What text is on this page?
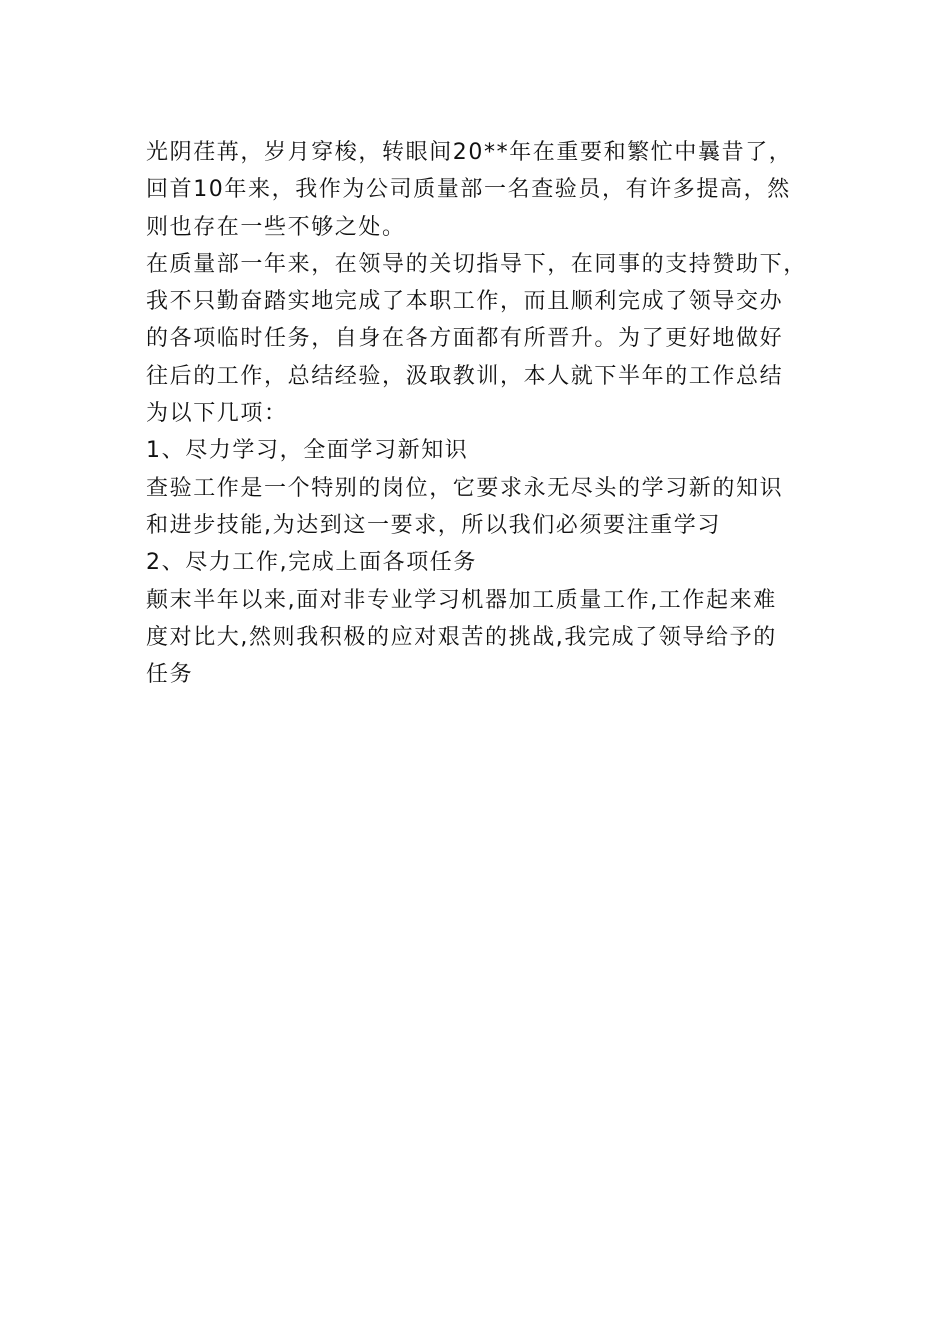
光阴荏苒，岁月穿梭，转眼间20**年在重要和繁忙中曩昔了，
回首10年来，我作为公司质量部一名查验员，有许多提高，然
则也存在一些不够之处。
在质量部一年来，在领导的关切指导下，在同事的支持赞助下，
我不只勤奋踏实地完成了本职工作，而且顺利完成了领导交办
的各项临时任务，自身在各方面都有所晋升。为了更好地做好
往后的工作，总结经验，汲取教训，本人就下半年的工作总结
为以下几项：
1、尽力学习，全面学习新知识
查验工作是一个特别的岗位，它要求永无尽头的学习新的知识
和进步技能,为达到这一要求，所以我们必须要注重学习
2、尽力工作,完成上面各项任务
颠末半年以来,面对非专业学习机器加工质量工作,工作起来难
度对比大,然则我积极的应对艰苦的挑战,我完成了领导给予的
任务
